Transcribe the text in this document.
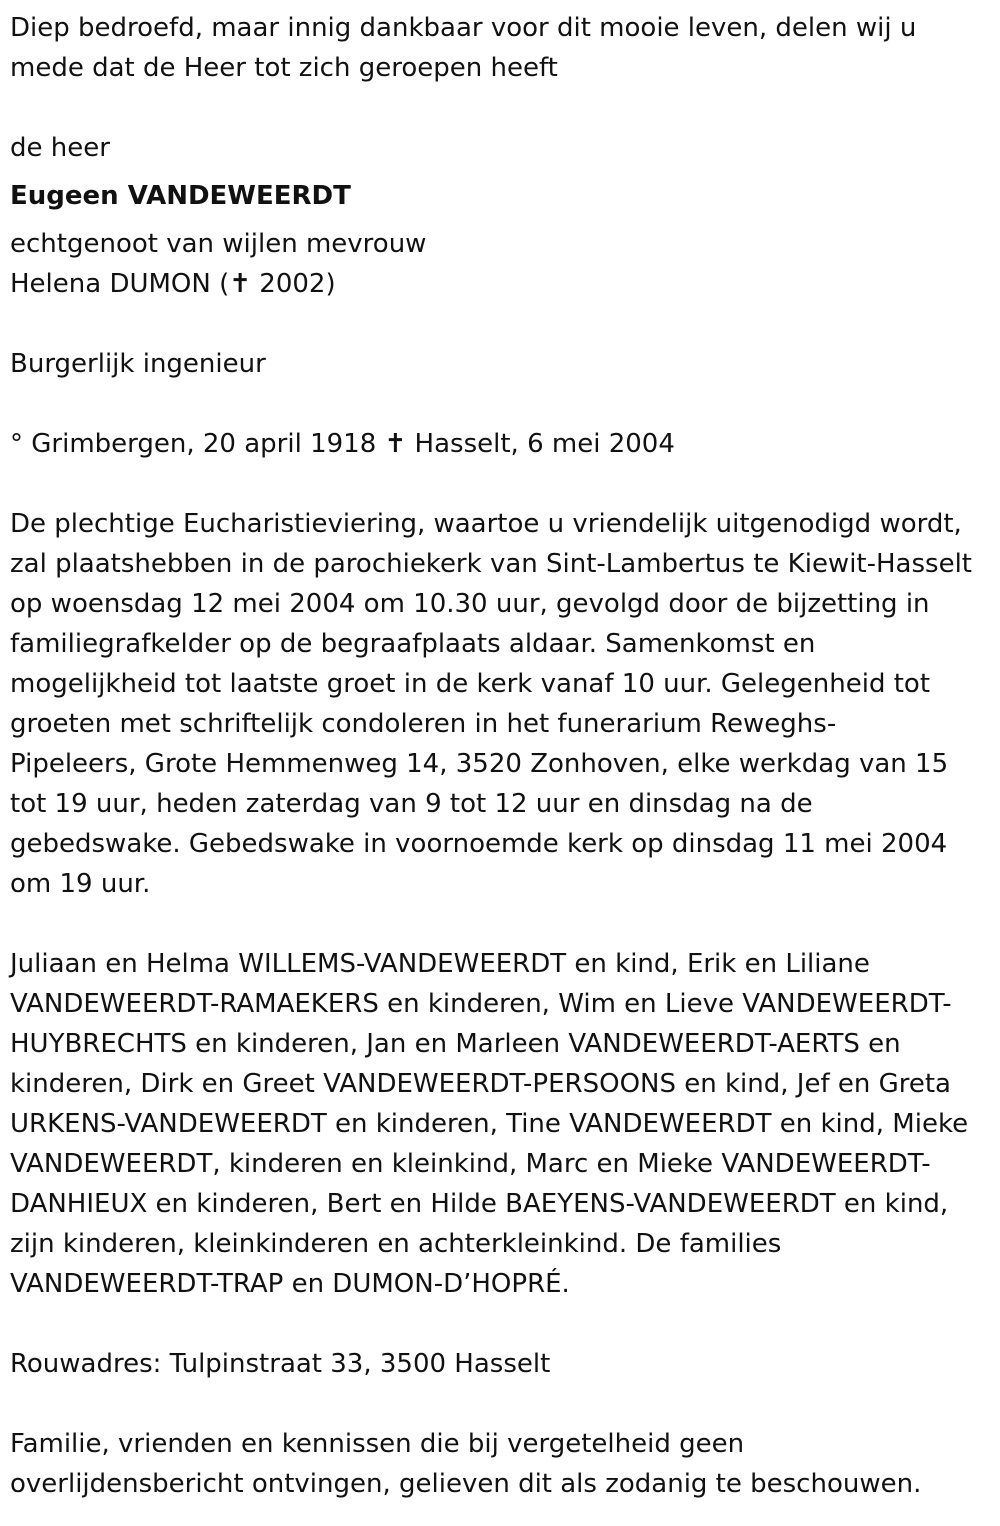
Diep bedroefd, maar innig dankbaar voor dit mooie leven, delen wij u
mede dat de Heer tot zich geroepen heeft

de heer
Eugeen VANDEWEERDT
echtgenoot van wijlen mevrouw
Helena DUMON (✝ 2002)

Burgerlijk ingenieur

° Grimbergen, 20 april 1918 ✝ Hasselt, 6 mei 2004

De plechtige Eucharistieviering, waartoe u vriendelijk uitgenodigd wordt,
zal plaatshebben in de parochiekerk van Sint-Lambertus te Kiewit-Hasselt
op woensdag 12 mei 2004 om 10.30 uur, gevolgd door de bijzetting in
familiegrafkelder op de begraafplaats aldaar. Samenkomst en
mogelijkheid tot laatste groet in de kerk vanaf 10 uur. Gelegenheid tot
groeten met schriftelijk condoleren in het funerarium Reweghs-
Pipeleers, Grote Hemmenweg 14, 3520 Zonhoven, elke werkdag van 15
tot 19 uur, heden zaterdag van 9 tot 12 uur en dinsdag na de
gebedswake. Gebedswake in voornoemde kerk op dinsdag 11 mei 2004
om 19 uur.

Juliaan en Helma WILLEMS-VANDEWEERDT en kind, Erik en Liliane
VANDEWEERDT-RAMAEKERS en kinderen, Wim en Lieve VANDEWEERDT-
HUYBRECHTS en kinderen, Jan en Marleen VANDEWEERDT-AERTS en
kinderen, Dirk en Greet VANDEWEERDT-PERSOONS en kind, Jef en Greta
URKENS-VANDEWEERDT en kinderen, Tine VANDEWEERDT en kind, Mieke
VANDEWEERDT, kinderen en kleinkind, Marc en Mieke VANDEWEERDT-
DANHIEUX en kinderen, Bert en Hilde BAEYENS-VANDEWEERDT en kind,
zijn kinderen, kleinkinderen en achterkleinkind. De families
VANDEWEERDT-TRAP en DUMON-D’HOPRÉ.

Rouwadres: Tulpinstraat 33, 3500 Hasselt

Familie, vrienden en kennissen die bij vergetelheid geen
overlijdensbericht ontvingen, gelieven dit als zodanig te beschouwen.
